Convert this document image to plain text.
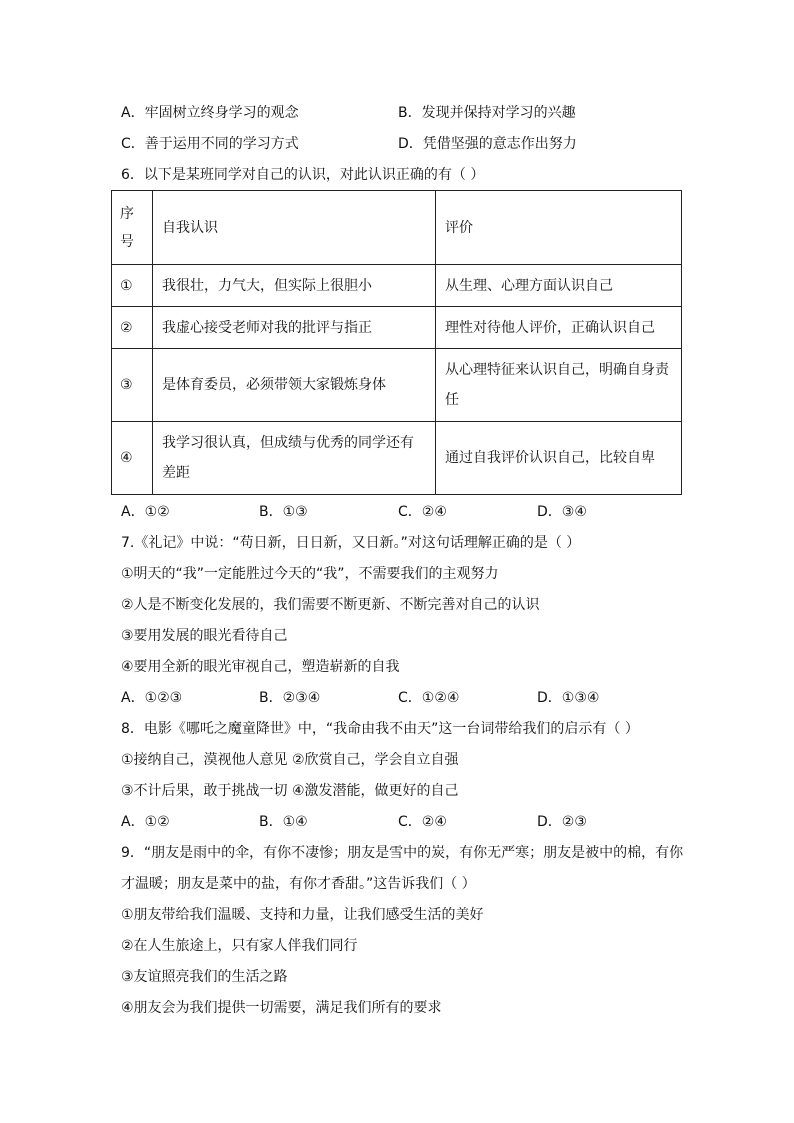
A．牢固树立终身学习的观念	B．发现并保持对学习的兴趣
C．善于运用不同的学习方式	D．凭借坚强的意志作出努力
6．以下是某班同学对自己的认识，对此认识正确的有（ ）
序
号	自我认识	评价
①	我很壮，力气大，但实际上很胆小	从生理、心理方面认识自己
②	我虚心接受老师对我的批评与指正	理性对待他人评价，正确认识自己
③	是体育委员，必须带领大家锻炼身体	从心理特征来认识自己，明确自身责任
④	我学习很认真，但成绩与优秀的同学还有差距	通过自我评价认识自己，比较自卑
A．①②	B．①③	C．②④	D．③④
7.《礼记》中说：“苟日新，日日新，又日新。”对这句话理解正确的是（ ）
①明天的“我”一定能胜过今天的“我”，不需要我们的主观努力
②人是不断变化发展的，我们需要不断更新、不断完善对自己的认识
③要用发展的眼光看待自己
④要用全新的眼光审视自己，塑造崭新的自我
A．①②③	B．②③④	C．①②④	D．①③④
8．电影《哪吒之魔童降世》中，“我命由我不由天”这一台词带给我们的启示有（ ）
①接纳自己，漠视他人意见 ②欣赏自己，学会自立自强
③不计后果，敢于挑战一切 ④激发潜能，做更好的自己
A．①②	B．①④	C．②④	D．②③
9．“朋友是雨中的伞，有你不凄惨；朋友是雪中的炭，有你无严寒；朋友是被中的棉，有你
才温暖；朋友是菜中的盐，有你才香甜。”这告诉我们（ ）
①朋友带给我们温暖、支持和力量，让我们感受生活的美好
②在人生旅途上，只有家人伴我们同行
③友谊照亮我们的生活之路
④朋友会为我们提供一切需要，满足我们所有的要求
